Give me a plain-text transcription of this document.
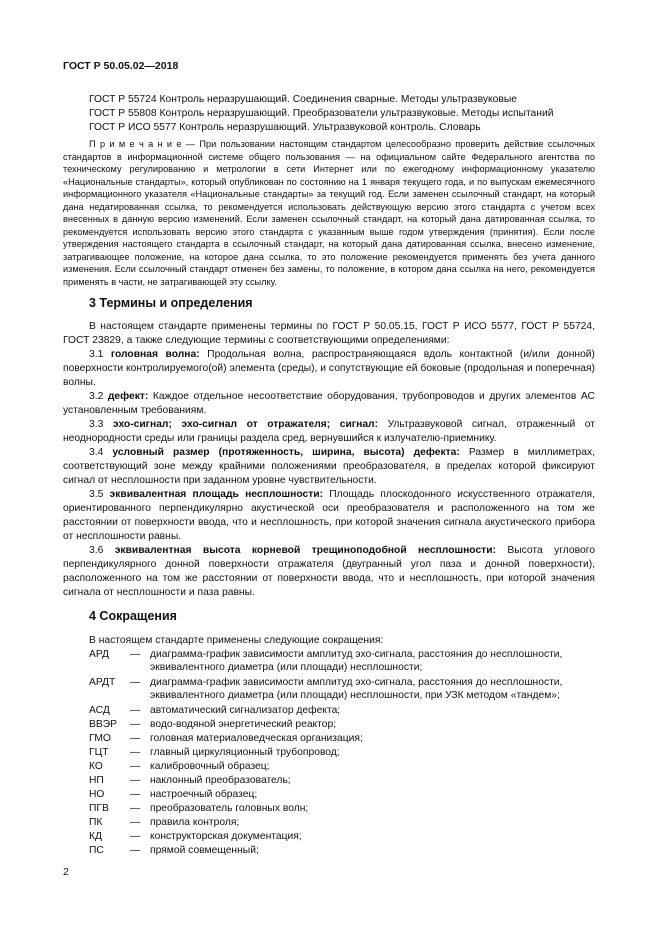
ГОСТ Р 50.05.02—2018
ГОСТ Р 55724 Контроль неразрушающий. Соединения сварные. Методы ультразвуковые
ГОСТ Р 55808 Контроль неразрушающий. Преобразователи ультразвуковые. Методы испытаний
ГОСТ Р ИСО 5577 Контроль неразрушающий. Ультразвуковой контроль. Словарь
П р и м е ч а н и е — При пользовании настоящим стандартом целесообразно проверить действие ссылочных стандартов в информационной системе общего пользования — на официальном сайте Федерального агентства по техническому регулированию и метрологии в сети Интернет или по ежегодному информационному указателю «Национальные стандарты», который опубликован по состоянию на 1 января текущего года, и по выпускам ежемесячного информационного указателя «Национальные стандарты» за текущий год. Если заменен ссылочный стандарт, на который дана недатированная ссылка, то рекомендуется использовать действующую версию этого стандарта с учетом всех внесенных в данную версию изменений. Если заменен ссылочный стандарт, на который дана датированная ссылка, то рекомендуется использовать версию этого стандарта с указанным выше годом утверждения (принятия). Если после утверждения настоящего стандарта в ссылочный стандарт, на который дана датированная ссылка, внесено изменение, затрагивающее положение, на которое дана ссылка, то это положение рекомендуется применять без учета данного изменения. Если ссылочный стандарт отменен без замены, то положение, в котором дана ссылка на него, рекомендуется применять в части, не затрагивающей эту ссылку.
3 Термины и определения
В настоящем стандарте применены термины по ГОСТ Р 50.05.15, ГОСТ Р ИСО 5577, ГОСТ Р 55724, ГОСТ 23829, а также следующие термины с соответствующими определениями:
3.1 головная волна: Продольная волна, распространяющаяся вдоль контактной (и/или донной) поверхности контролируемого(ой) элемента (среды), и сопутствующие ей боковые (продольная и поперечная) волны.
3.2 дефект: Каждое отдельное несоответствие оборудования, трубопроводов и других элементов АС установленным требованиям.
3.3 эхо-сигнал; эхо-сигнал от отражателя; сигнал: Ультразвуковой сигнал, отраженный от неоднородности среды или границы раздела сред, вернувшийся к излучателю-приемнику.
3.4 условный размер (протяженность, ширина, высота) дефекта: Размер в миллиметрах, соответствующий зоне между крайними положениями преобразователя, в пределах которой фиксируют сигнал от несплошности при заданном уровне чувствительности.
3.5 эквивалентная площадь несплошности: Площадь плоскодонного искусственного отражателя, ориентированного перпендикулярно акустической оси преобразователя и расположенного на том же расстоянии от поверхности ввода, что и несплошность, при которой значения сигнала акустического прибора от несплошности равны.
3.6 эквивалентная высота корневой трещиноподобной несплошности: Высота углового перпендикулярного донной поверхности отражателя (двугранный угол паза и донной поверхности), расположенного на том же расстоянии от поверхности ввода, что и несплошность, при которой значения сигнала от несплошности и паза равны.
4 Сокращения
В настоящем стандарте применены следующие сокращения:
АРД — диаграмма-график зависимости амплитуд эхо-сигнала, расстояния до несплошности, эквивалентного диаметра (или площади) несплошности;
АРДТ — диаграмма-график зависимости амплитуд эхо-сигнала, расстояния до несплошности, эквивалентного диаметра (или площади) несплошности, при УЗК методом «тандем»;
АСД — автоматический сигнализатор дефекта;
ВВЭР — водо-водяной энергетический реактор;
ГМО — головная материаловедческая организация;
ГЦТ — главный циркуляционный трубопровод;
КО	— калибровочный образец;
НП	— наклонный преобразователь;
НО — настроечный образец;
ПГВ — преобразователь головных волн;
ПК	— правила контроля;
КД	— конструкторская документация;
ПС	— прямой совмещенный;
2
